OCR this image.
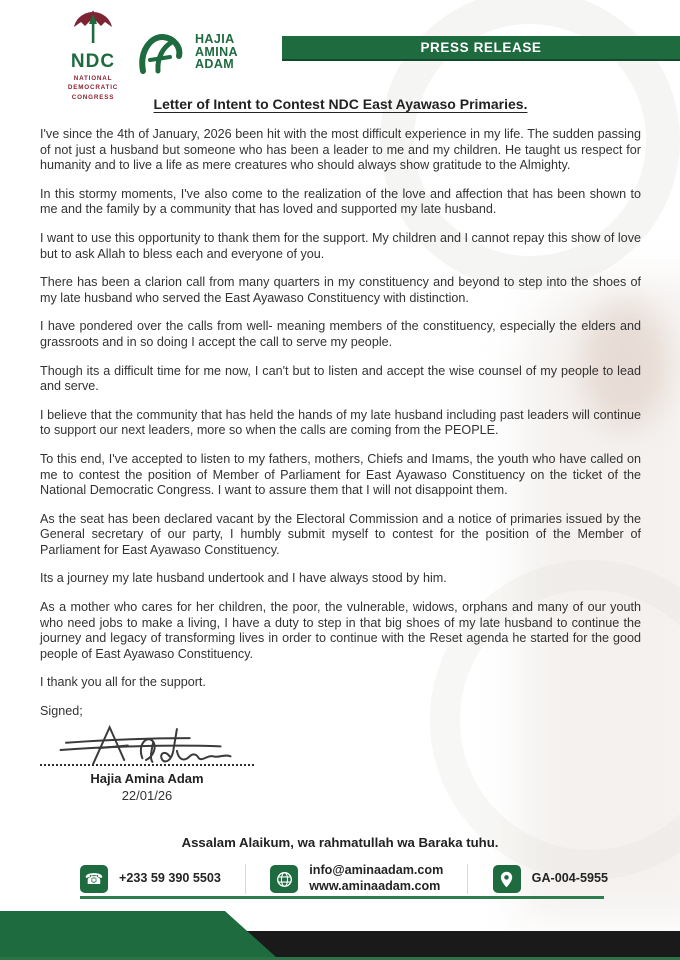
NDC
NATIONAL DEMOCRATIC CONGRESS
HAJIA
AMINA
ADAM
PRESS RELEASE
Letter of Intent to Contest NDC East Ayawaso Primaries.

I've since the 4th of January, 2026 been hit with the most difficult experience in my life. The sudden passing of not just a husband but someone who has been a leader to me and my children. He taught us respect for humanity and to live a life as mere creatures who should always show gratitude to the Almighty.

In this stormy moments, I've also come to the realization of the love and affection that has been shown to me and the family by a community that has loved and supported my late husband.

I want to use this opportunity to thank them for the support. My children and I cannot repay this show of love but to ask Allah to bless each and everyone of you.

There has been a clarion call from many quarters in my constituency and beyond to step into the shoes of my late husband who served the East Ayawaso Constituency with distinction.

I have pondered over the calls from well- meaning members of the constituency, especially the elders and grassroots and in so doing I accept the call to serve my people.

Though its a difficult time for me now, I can't but to listen and accept the wise counsel of my people to lead and serve.

I believe that the community that has held the hands of my late husband including past leaders will continue to support our next leaders, more so when the calls are coming from the PEOPLE.

To this end, I've accepted to listen to my fathers, mothers, Chiefs and Imams, the youth who have called on me to contest the position of Member of Parliament for East Ayawaso Constituency on the ticket of the National Democratic Congress. I want to assure them that I will not disappoint them.

As the seat has been declared vacant by the Electoral Commission and a notice of primaries issued by the General secretary of our party, I humbly submit myself to contest for the position of the Member of Parliament for East Ayawaso Constituency.

Its a journey my late husband undertook and I have always stood by him.

As a mother who cares for her children, the poor, the vulnerable, widows, orphans and many of our youth who need jobs to make a living, I have a duty to step in that big shoes of my late husband to continue the journey and legacy of transforming lives in order to continue with the Reset agenda he started for the good people of East Ayawaso Constituency.

I thank you all for the support.

Signed;
Hajia Amina Adam
22/01/26
Assalam Alaikum, wa rahmatullah wa Baraka tuhu.
☎ +233 59 390 5503
info@aminaadam.com
www.aminaadam.com
GA-004-5955
